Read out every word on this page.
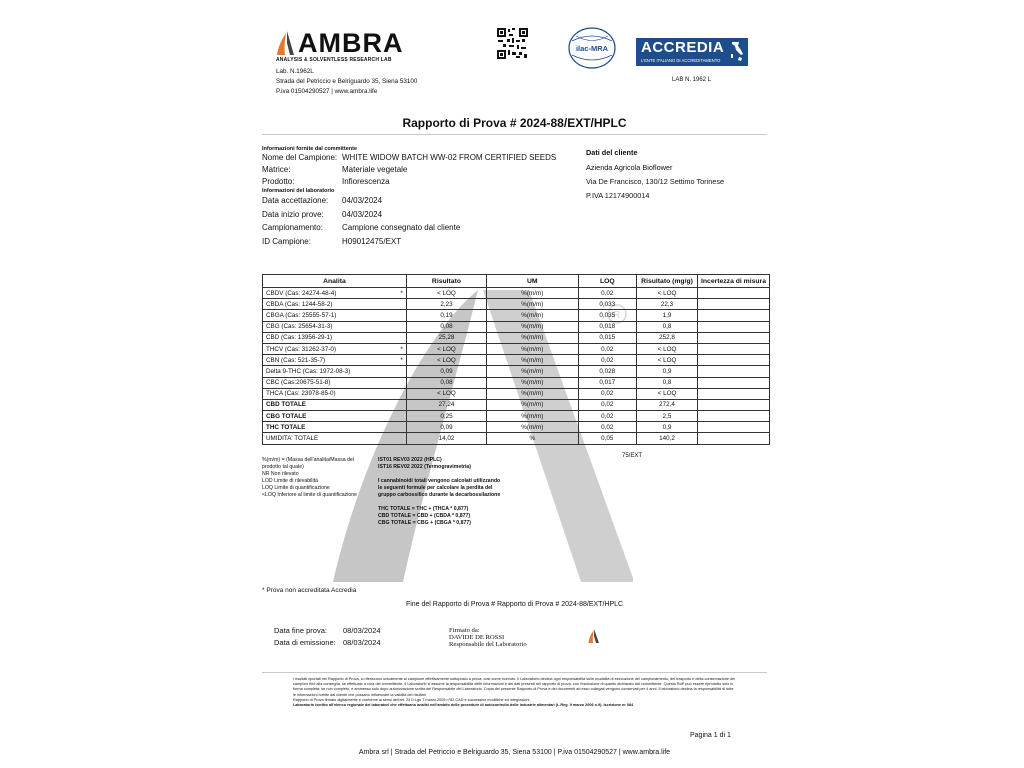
R
AMBRA
ANALYSIS & SOLVENTLESS RESEARCH LAB
Lab. N.1962L
Strada del Petriccio e Belriguardo 35, Siena 53100
P.iva 01504290527 | www.ambra.life
ilac-MRA ACCREDIA
L'ENTE ITALIANO DI ACCREDITAMENTO
LAB N. 1962 L
Rapporto di Prova # 2024-88/EXT/HPLC
Informazioni fornite dal committente
Nome del Campione: WHITE WIDOW BATCH WW-02 FROM CERTIFIED SEEDS
Matrice:	Materiale vegetale
Prodotto:	Infiorescenza
Informazioni del laboratorio
Data accettazione:	04/03/2024
Data inizio prove:	04/03/2024
Campionamento:	Campione consegnato dal cliente
ID Campione:	H09012475/EXT
Dati del cliente
Azienda Agricola Bioflower
Via De Francisco, 130/12 Settimo Torinese
P.IVA 12174900014
Analita	Risultato	UM	LOQ	Risultato (mg/g)	Incertezza di misura
CBDV (Cas: 24274-48-4) *	< LOQ	%(m/m)	0,02	< LOQ	
CBDA (Cas: 1244-58-2)	2,23	%(m/m)	0,033	22,3	
CBGA (Cas: 25555-57-1)	0,19	%(m/m)	0,035	1,9	
CBG (Cas: 25654-31-3)	0,08	%(m/m)	0,018	0,8	
CBD (Cas: 13956-29-1)	25,28	%(m/m)	0,015	252,8	
THCV (Cas: 31262-37-0) *	< LOQ	%(m/m)	0,02	< LOQ	
CBN (Cas: 521-35-7) *	< LOQ	%(m/m)	0,02	< LOQ	
Delta 9-THC (Cas: 1972-08-3)	0,09	%(m/m)	0,028	0,9	
CBC (Cas:20675-51-8)	0,08	%(m/m)	0,017	0,8	
THCA (Cas: 23978-85-0)	< LOQ	%(m/m)	0,02	< LOQ	
CBD TOTALE	27,24	%(m/m)	0,02	272,4	
CBG TOTALE	0,25	%(m/m)	0,02	2,5	
THC TOTALE	0,09	%(m/m)	0,02	0,9	
UMIDITA' TOTALE	14,02	%	0,05	140,2	
%(m/m) = (Massa dell'analita/Massa del prodotto tal quale)
NR Non rilevato
LOD Limite di rilevabilità
LOQ Limite di quantificazione
<LOQ Inferiore al limite di quantificazione
IST01 REV03 2022 (HPLC)
IST16 REV02 2022 (Termogravimetria)
I cannabinoidi totali vengono calcolati utilizzando le seguenti formule per calcolare la perdita del gruppo carbossilico durante la decarbossilazione
THC TOTALE = THC + (THCA * 0,877)
CBD TOTALE = CBD + (CBDA * 0,877)
CBG TOTALE = CBG + (CBGA * 0,877)
75/EXT
* Prova non accreditata Accredia
Fine del Rapporto di Prova # Rapporto di Prova # 2024-88/EXT/HPLC
Data fine prova:	08/03/2024
Data di emissione: 08/03/2024
Firmato da:
DAVIDE DE ROSSI
Responsabile del Laboratorio
I risultati riportati nel Rapporto di Prova, si riferiscono unicamente al campione effettivamente sottoposto a prova, così come ricevuto. Il Laboratorio declina ogni responsabilità sulle modalità di esecuzione del campionamento, del trasporto e della conservazione dei campioni fino alla consegna, se effettuato a cura del committente. Il Laboratorio si assume la responsabilità delle informazioni e dei dati presenti nel rapporto di prova, con l'esclusione di quanto dichiarato dal committente. Questo RdP può essere riprodotto solo in forma completa: se non completo, è ammesso solo dopo autorizzazione scritta del Responsabile del Laboratorio. Copia del presente Rapporto di Prova e dei documenti ad esso collegati vengono conservati per 4 anni. Il laboratorio declina la responsabilità di tutte le informazioni fornite dal cliente che possano influenzare la validità dei risultati
Rapporto di Prova firmato digitalmente e conforme ai sensi dell'art. 23 D.Lgs 7 marzo 2005 n°82 CAD e successive modifiche ed integrazioni
Laboratorio iscritto all'elenco regionale dei laboratori che effettuano analisi nell'ambito delle procedure di autocontrollo delle industrie alimentari (L.Reg. 9 marzo 2006 n.9). Iscrizione nr 084
Pagina 1 di 1
Ambra srl | Strada del Petriccio e Belriguardo 35, Siena 53100 | P.iva 01504290527 | www.ambra.life
